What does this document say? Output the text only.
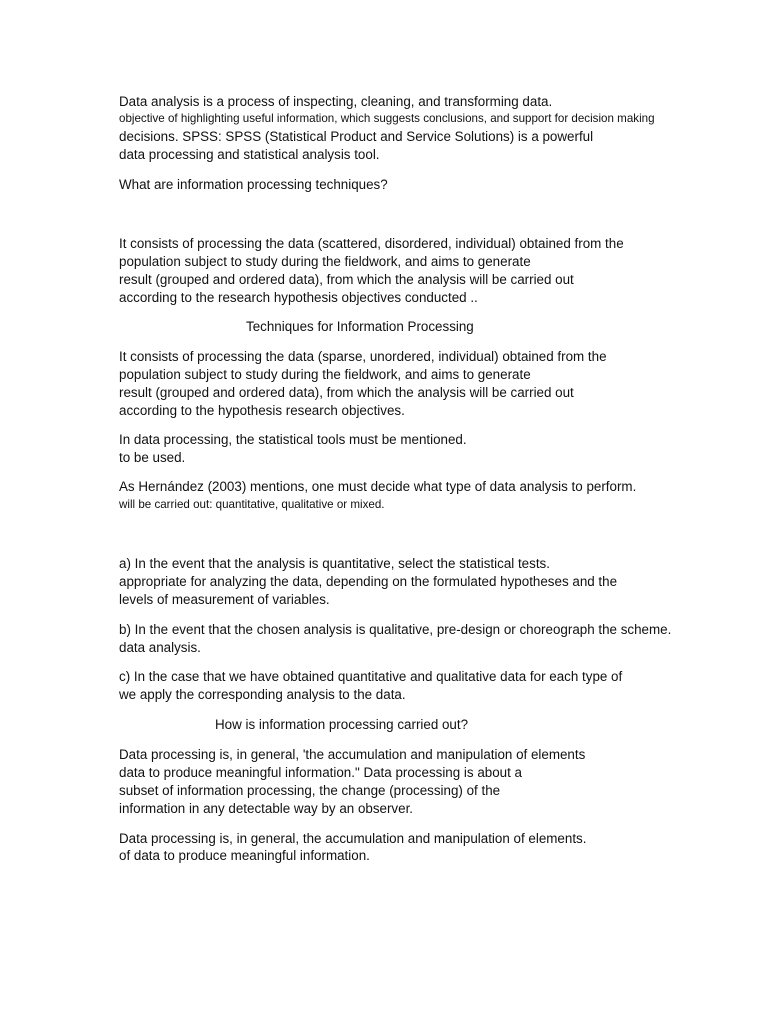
Data analysis is a process of inspecting, cleaning, and transforming data.

objective of highlighting useful information, which suggests conclusions, and support for decision making

decisions. SPSS: SPSS (Statistical Product and Service Solutions) is a powerful

data processing and statistical analysis tool.

What are information processing techniques?

It consists of processing the data (scattered, disordered, individual) obtained from the

population subject to study during the fieldwork, and aims to generate

result (grouped and ordered data), from which the analysis will be carried out

according to the research hypothesis objectives conducted ..

Techniques for Information Processing

It consists of processing the data (sparse, unordered, individual) obtained from the

population subject to study during the fieldwork, and aims to generate

result (grouped and ordered data), from which the analysis will be carried out

according to the hypothesis research objectives.

In data processing, the statistical tools must be mentioned.

to be used.

As Hernández (2003) mentions, one must decide what type of data analysis to perform.

will be carried out: quantitative, qualitative or mixed.

a) In the event that the analysis is quantitative, select the statistical tests.

appropriate for analyzing the data, depending on the formulated hypotheses and the

levels of measurement of variables.

b) In the event that the chosen analysis is qualitative, pre-design or choreograph the scheme.

data analysis.

c) In the case that we have obtained quantitative and qualitative data for each type of

we apply the corresponding analysis to the data.

How is information processing carried out?

Data processing is, in general, 'the accumulation and manipulation of elements

data to produce meaningful information." Data processing is about a

subset of information processing, the change (processing) of the

information in any detectable way by an observer.

Data processing is, in general, the accumulation and manipulation of elements.

of data to produce meaningful information.
